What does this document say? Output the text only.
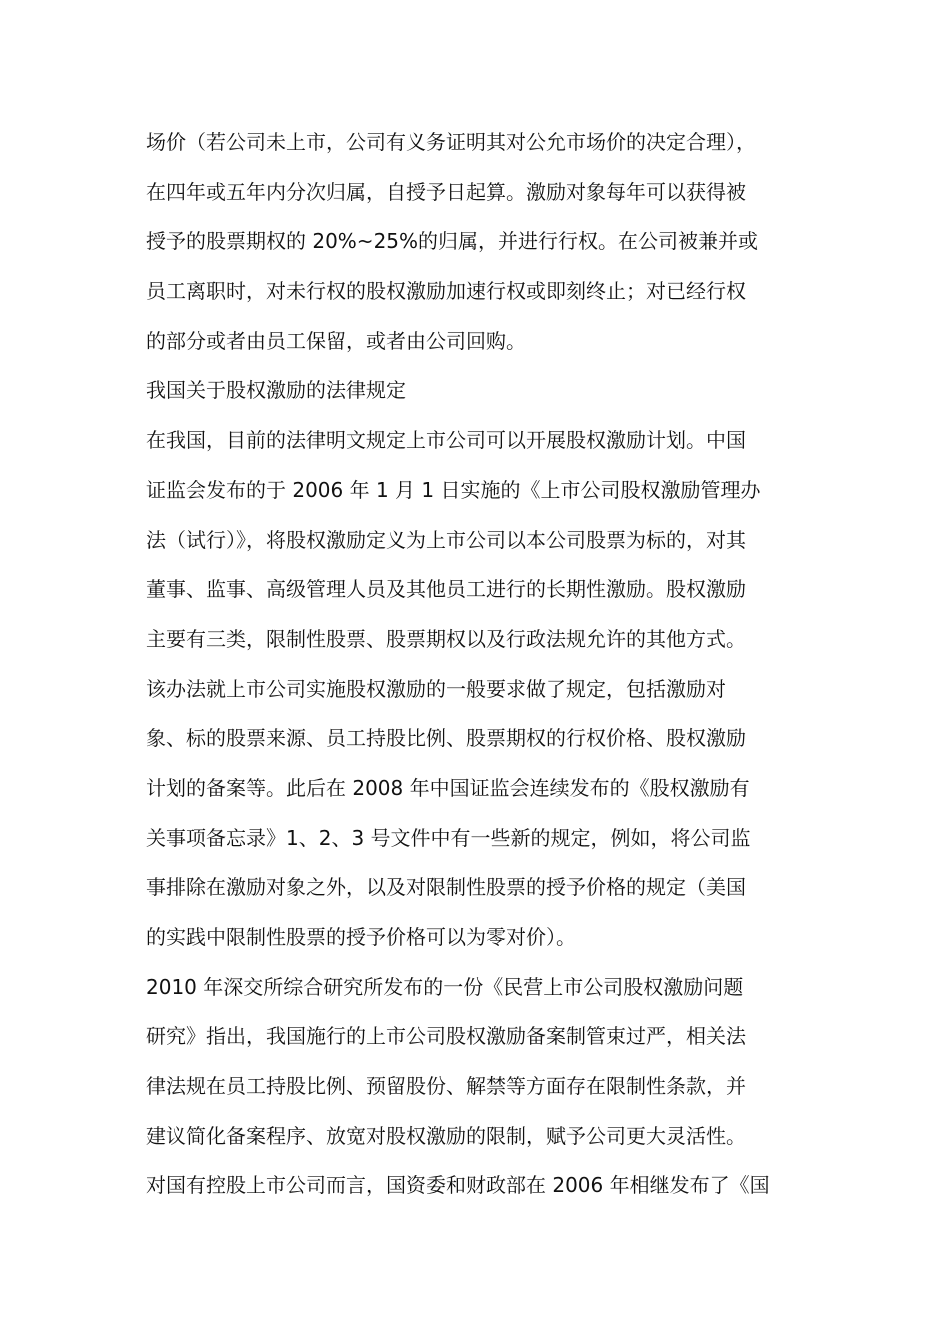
场价（若公司未上市，公司有义务证明其对公允市场价的决定合理），
在四年或五年内分次归属，自授予日起算。激励对象每年可以获得被
授予的股票期权的 20%~25%的归属，并进行行权。在公司被兼并或
员工离职时，对未行权的股权激励加速行权或即刻终止；对已经行权
的部分或者由员工保留，或者由公司回购。
我国关于股权激励的法律规定
在我国，目前的法律明文规定上市公司可以开展股权激励计划。中国
证监会发布的于 2006 年 1 月 1 日实施的《上市公司股权激励管理办
法（试行）》，将股权激励定义为上市公司以本公司股票为标的，对其
董事、监事、高级管理人员及其他员工进行的长期性激励。股权激励
主要有三类，限制性股票、股票期权以及行政法规允许的其他方式。
该办法就上市公司实施股权激励的一般要求做了规定，包括激励对
象、标的股票来源、员工持股比例、股票期权的行权价格、股权激励
计划的备案等。此后在 2008 年中国证监会连续发布的《股权激励有
关事项备忘录》1、2、3 号文件中有一些新的规定，例如，将公司监
事排除在激励对象之外，以及对限制性股票的授予价格的规定（美国
的实践中限制性股票的授予价格可以为零对价）。
2010 年深交所综合研究所发布的一份《民营上市公司股权激励问题
研究》指出，我国施行的上市公司股权激励备案制管束过严，相关法
律法规在员工持股比例、预留股份、解禁等方面存在限制性条款，并
建议简化备案程序、放宽对股权激励的限制，赋予公司更大灵活性。
对国有控股上市公司而言，国资委和财政部在 2006 年相继发布了《国
